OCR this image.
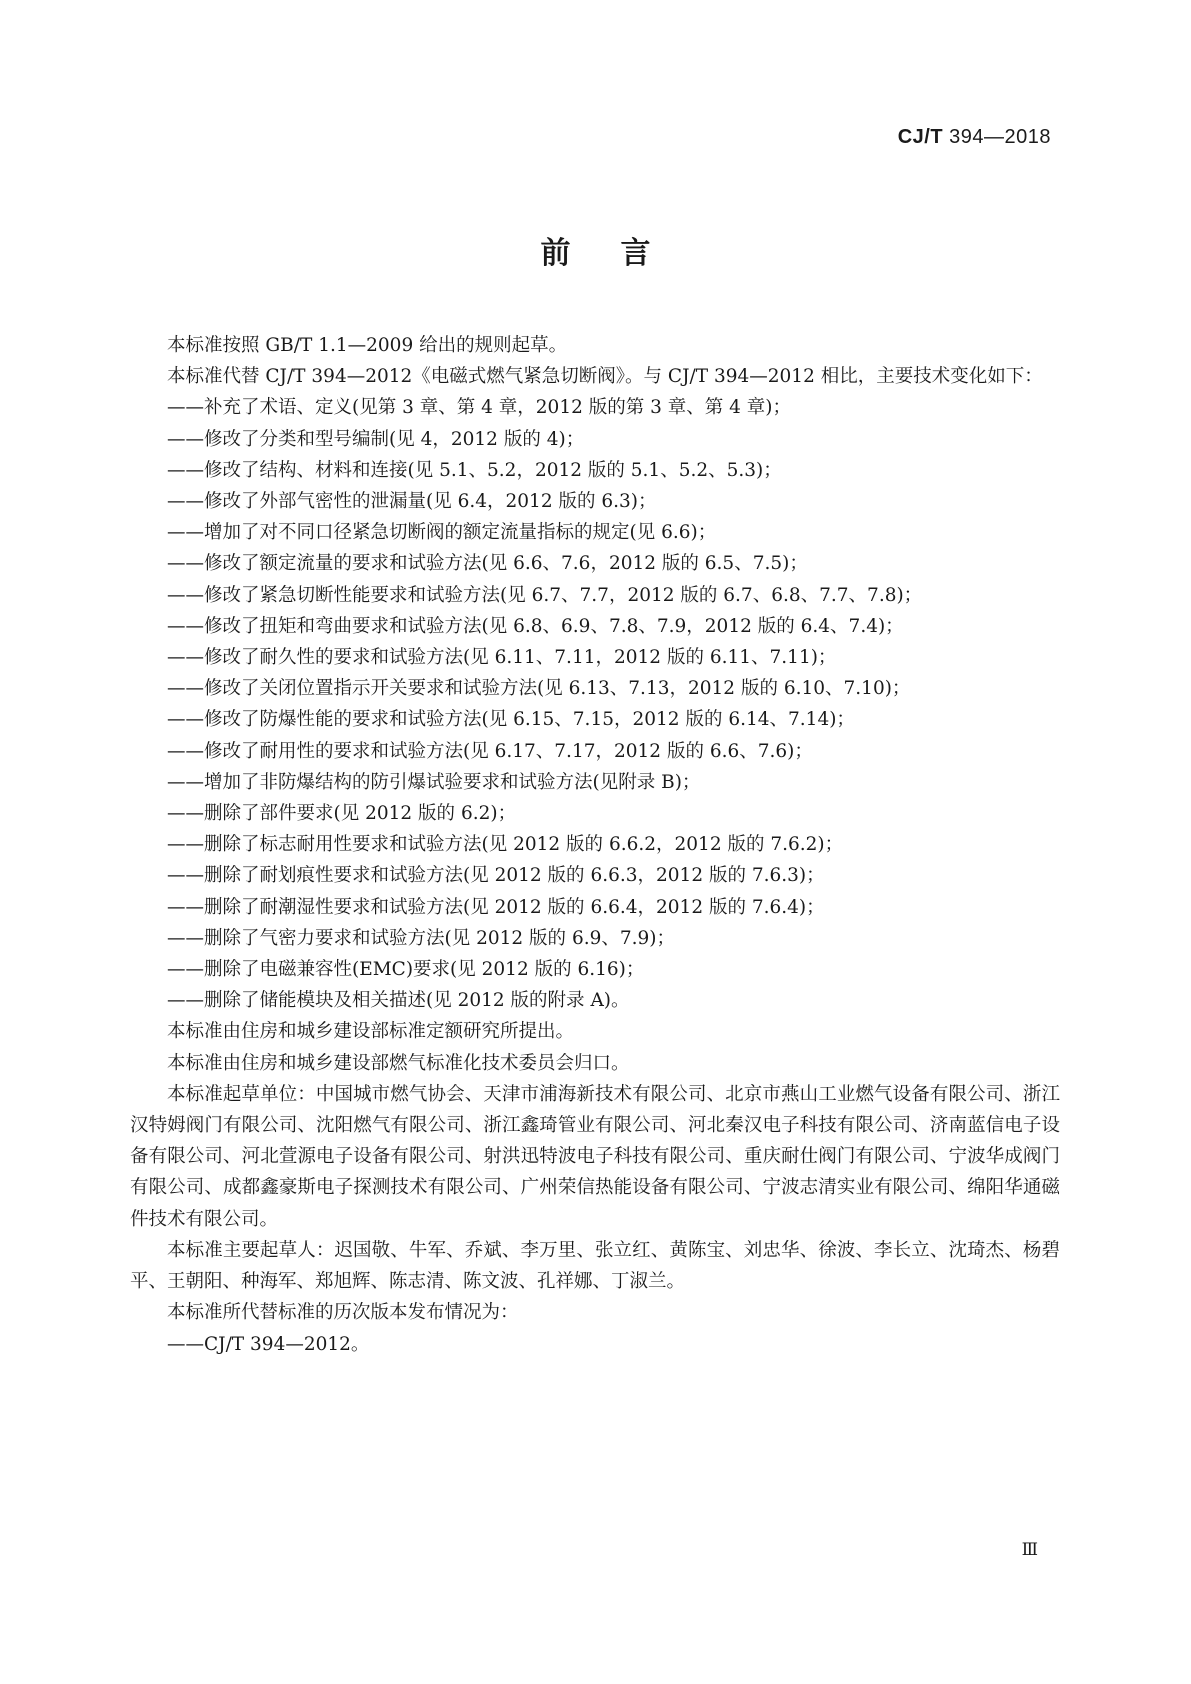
CJ/T 394—2018
前言

本标准按照 GB/T 1.1—2009 给出的规则起草。

本标准代替 CJ/T 394—2012《电磁式燃气紧急切断阀》。与 CJ/T 394—2012 相比，主要技术变化如下：

——补充了术语、定义(见第 3 章、第 4 章，2012 版的第 3 章、第 4 章)；

——修改了分类和型号编制(见 4，2012 版的 4)；

——修改了结构、材料和连接(见 5.1、5.2，2012 版的 5.1、5.2、5.3)；

——修改了外部气密性的泄漏量(见 6.4，2012 版的 6.3)；

——增加了对不同口径紧急切断阀的额定流量指标的规定(见 6.6)；

——修改了额定流量的要求和试验方法(见 6.6、7.6，2012 版的 6.5、7.5)；

——修改了紧急切断性能要求和试验方法(见 6.7、7.7，2012 版的 6.7、6.8、7.7、7.8)；

——修改了扭矩和弯曲要求和试验方法(见 6.8、6.9、7.8、7.9，2012 版的 6.4、7.4)；

——修改了耐久性的要求和试验方法(见 6.11、7.11，2012 版的 6.11、7.11)；

——修改了关闭位置指示开关要求和试验方法(见 6.13、7.13，2012 版的 6.10、7.10)；

——修改了防爆性能的要求和试验方法(见 6.15、7.15，2012 版的 6.14、7.14)；

——修改了耐用性的要求和试验方法(见 6.17、7.17，2012 版的 6.6、7.6)；

——增加了非防爆结构的防引爆试验要求和试验方法(见附录 B)；

——删除了部件要求(见 2012 版的 6.2)；

——删除了标志耐用性要求和试验方法(见 2012 版的 6.6.2，2012 版的 7.6.2)；

——删除了耐划痕性要求和试验方法(见 2012 版的 6.6.3，2012 版的 7.6.3)；

——删除了耐潮湿性要求和试验方法(见 2012 版的 6.6.4，2012 版的 7.6.4)；

——删除了气密力要求和试验方法(见 2012 版的 6.9、7.9)；

——删除了电磁兼容性(EMC)要求(见 2012 版的 6.16)；

——删除了储能模块及相关描述(见 2012 版的附录 A)。

本标准由住房和城乡建设部标准定额研究所提出。

本标准由住房和城乡建设部燃气标准化技术委员会归口。

本标准起草单位：中国城市燃气协会、天津市浦海新技术有限公司、北京市燕山工业燃气设备有限公司、浙江汉特姆阀门有限公司、沈阳燃气有限公司、浙江鑫琦管业有限公司、河北秦汉电子科技有限公司、济南蓝信电子设备有限公司、河北萱源电子设备有限公司、射洪迅特波电子科技有限公司、重庆耐仕阀门有限公司、宁波华成阀门有限公司、成都鑫豪斯电子探测技术有限公司、广州荣信热能设备有限公司、宁波志清实业有限公司、绵阳华通磁件技术有限公司。

本标准主要起草人：迟国敬、牛军、乔斌、李万里、张立红、黄陈宝、刘忠华、徐波、李长立、沈琦杰、杨碧平、王朝阳、种海军、郑旭辉、陈志清、陈文波、孔祥娜、丁淑兰。

本标准所代替标准的历次版本发布情况为：

——CJ/T 394—2012。

Ⅲ
